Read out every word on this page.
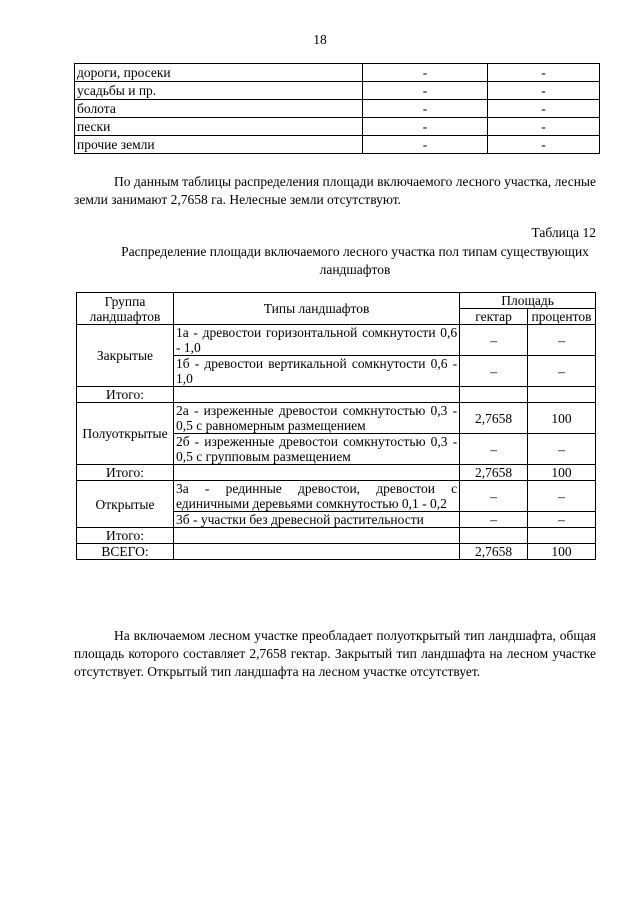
18
дороги, просеки	-	-
усадьбы и пр.	-	-
болота	-	-
пески	-	-
прочие земли	-	-
По данным таблицы распределения площади включаемого лесного участка, лесные земли занимают 2,7658 га. Нелесные земли отсутствуют.
Таблица 12
Распределение площади включаемого лесного участка пол типам существующих ландшафтов
Группа ландшафтов	Типы ландшафтов	Площадь	
		гектар	процентов
Закрытые	1а - древостои горизонтальной сомкнутости 0,6 - 1,0	–	–
	1б - древостои вертикальной сомкнутости 0,6 - 1,0	–	–
Итого:			
Полуоткрытые	2а - изреженные древостои сомкнутостью 0,3 - 0,5 с равномерным размещением	2,7658	100
	2б - изреженные древостои сомкнутостью 0,3 - 0,5 с групповым размещением	–	–
Итого:		2,7658	100
Открытые	3а - рединные древостои, древостои с единичными деревьями сомкнутостью 0,1 - 0,2	–	–
	3б - участки без древесной растительности	–	–
Итого:			
ВСЕГО:		2,7658	100
На включаемом лесном участке преобладает полуоткрытый тип ландшафта, общая площадь которого составляет 2,7658 гектар. Закрытый тип ландшафта на лесном участке отсутствует. Открытый тип ландшафта на лесном участке отсутствует.
